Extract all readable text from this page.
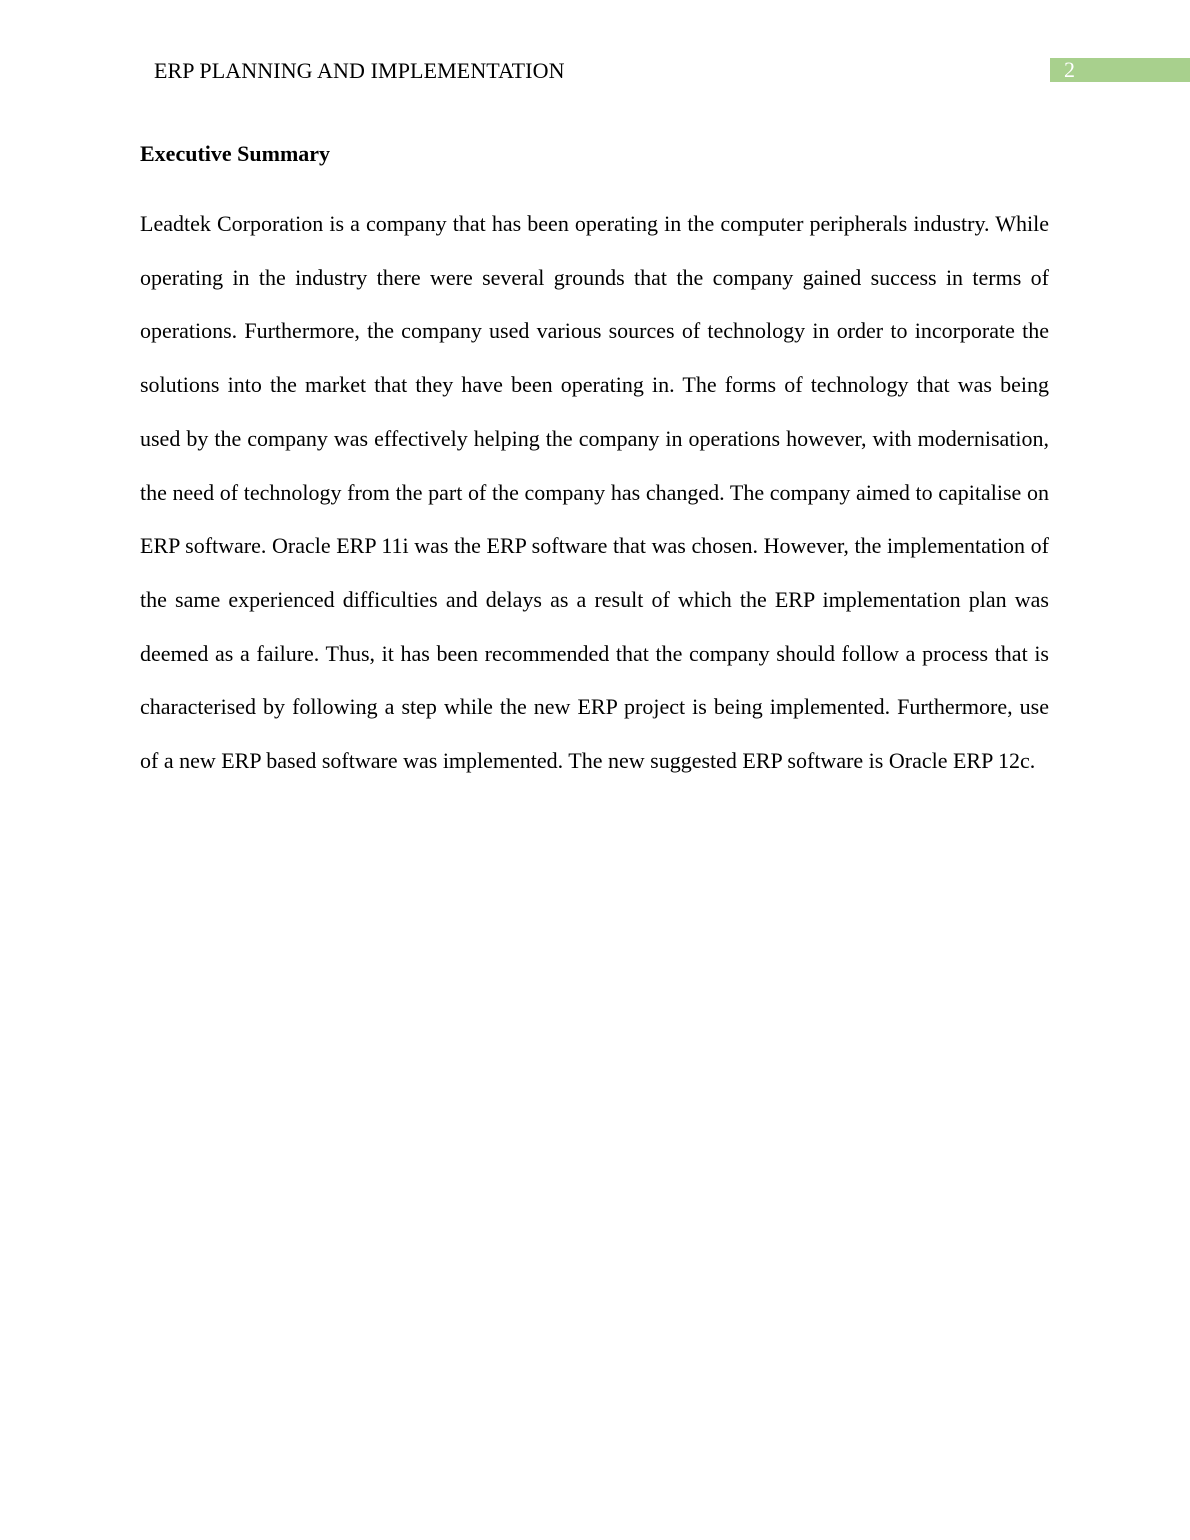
ERP PLANNING AND IMPLEMENTATION	2
Executive Summary

Leadtek Corporation is a company that has been operating in the computer peripherals industry. While operating in the industry there were several grounds that the company gained success in terms of operations. Furthermore, the company used various sources of technology in order to incorporate the solutions into the market that they have been operating in. The forms of technology that was being used by the company was effectively helping the company in operations however, with modernisation, the need of technology from the part of the company has changed. The company aimed to capitalise on ERP software. Oracle ERP 11i was the ERP software that was chosen. However, the implementation of the same experienced difficulties and delays as a result of which the ERP implementation plan was deemed as a failure. Thus, it has been recommended that the company should follow a process that is characterised by following a step while the new ERP project is being implemented. Furthermore, use of a new ERP based software was implemented. The new suggested ERP software is Oracle ERP 12c.
